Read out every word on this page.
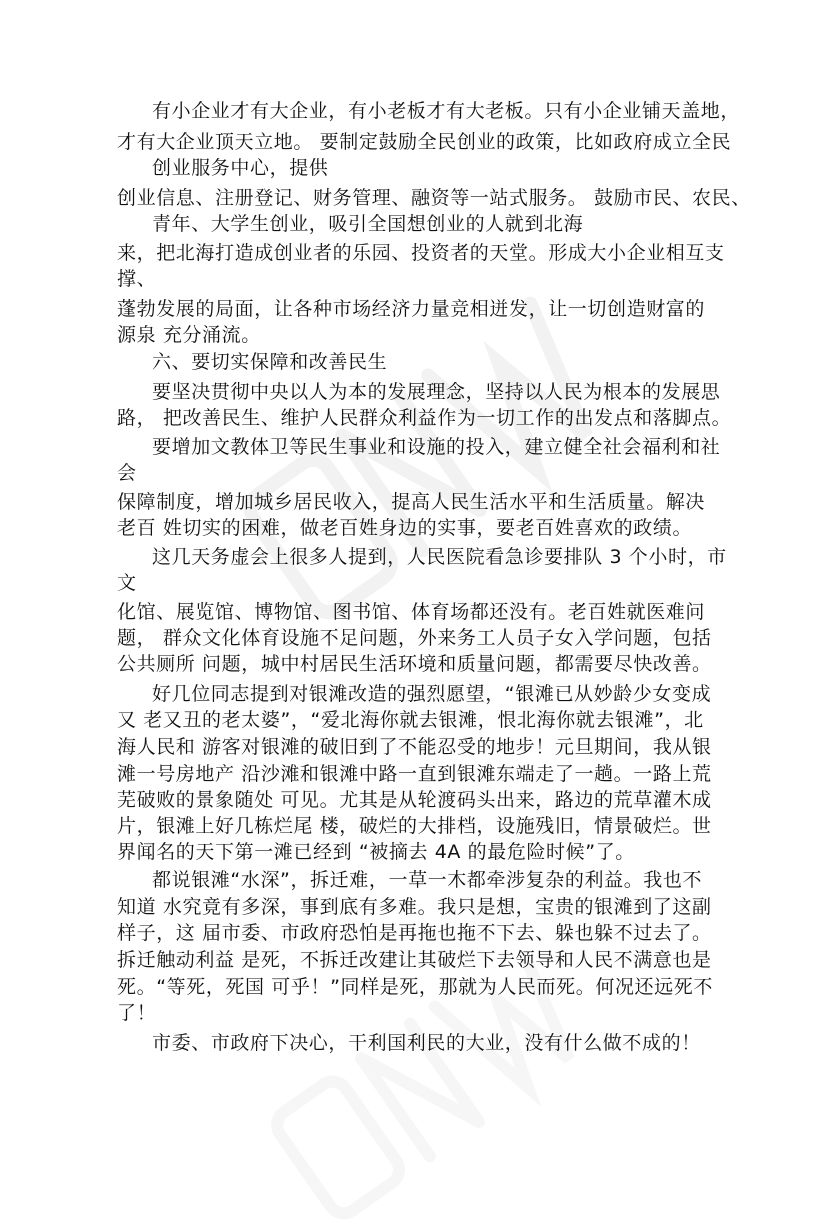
有小企业才有大企业，有小老板才有大老板。只有小企业铺天盖地，
才有大企业顶天立地。 要制定鼓励全民创业的政策，比如政府成立全民
创业服务中心，提供
创业信息、注册登记、财务管理、融资等一站式服务。 鼓励市民、农民、
青年、大学生创业，吸引全国想创业的人就到北海
来，把北海打造成创业者的乐园、投资者的天堂。形成大小企业相互支
撑、
蓬勃发展的局面，让各种市场经济力量竞相迸发，让一切创造财富的
源泉 充分涌流。
六、要切实保障和改善民生
要坚决贯彻中央以人为本的发展理念，坚持以人民为根本的发展思
路， 把改善民生、维护人民群众利益作为一切工作的出发点和落脚点。
要增加文教体卫等民生事业和设施的投入，建立健全社会福利和社
会
保障制度，增加城乡居民收入，提高人民生活水平和生活质量。解决
老百 姓切实的困难，做老百姓身边的实事，要老百姓喜欢的政绩。
这几天务虚会上很多人提到，人民医院看急诊要排队 3 个小时，市
文
化馆、展览馆、博物馆、图书馆、体育场都还没有。老百姓就医难问
题， 群众文化体育设施不足问题，外来务工人员子女入学问题，包括
公共厕所 问题，城中村居民生活环境和质量问题，都需要尽快改善。
好几位同志提到对银滩改造的强烈愿望，“银滩已从妙龄少女变成
又 老又丑的老太婆”，“爱北海你就去银滩，恨北海你就去银滩”，北
海人民和 游客对银滩的破旧到了不能忍受的地步！元旦期间，我从银
滩一号房地产 沿沙滩和银滩中路一直到银滩东端走了一趟。一路上荒
芜破败的景象随处 可见。尤其是从轮渡码头出来，路边的荒草灌木成
片，银滩上好几栋烂尾 楼，破烂的大排档，设施残旧，情景破烂。世
界闻名的天下第一滩已经到 “被摘去 4A 的最危险时候”了。
都说银滩“水深”，拆迁难，一草一木都牵涉复杂的利益。我也不
知道 水究竟有多深，事到底有多难。我只是想，宝贵的银滩到了这副
样子，这 届市委、市政府恐怕是再拖也拖不下去、躲也躲不过去了。
拆迁触动利益 是死，不拆迁改建让其破烂下去领导和人民不满意也是
死。“等死，死国 可乎！”同样是死，那就为人民而死。何况还远死不
了！
市委、市政府下决心，干利国利民的大业，没有什么做不成的！
